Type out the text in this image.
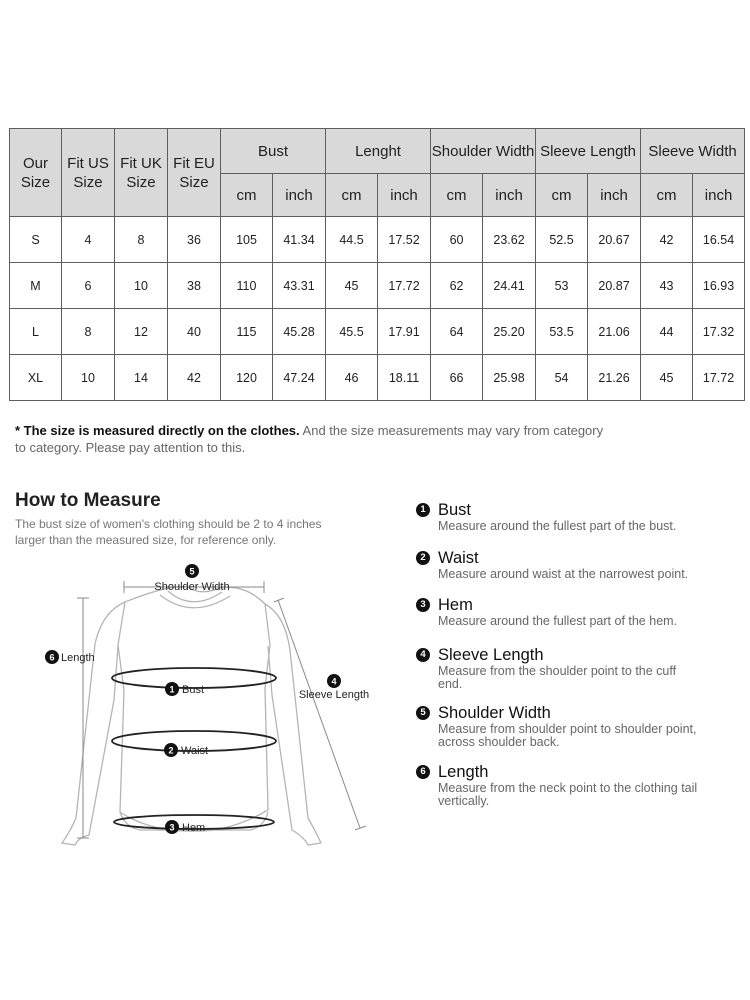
Our Size	Fit US Size	Fit UK Size	Fit EU Size	Bust		Lenght		Shoulder Width		Sleeve Length		Sleeve Width	
				cm	inch	cm	inch	cm	inch	cm	inch	cm	inch
S	4	8	36	105	41.34	44.5	17.52	60	23.62	52.5	20.67	42	16.54
M	6	10	38	110	43.31	45	17.72	62	24.41	53	20.87	43	16.93
L	8	12	40	115	45.28	45.5	17.91	64	25.20	53.5	21.06	44	17.32
XL	10	14	42	120	47.24	46	18.11	66	25.98	54	21.26	45	17.72
* The size is measured directly on the clothes. And the size measurements may vary from category to category. Please pay attention to this.
How to Measure
The bust size of women's clothing should be 2 to 4 inches larger than the measured size, for reference only.
5
Shoulder Width
6 Length
1 Bust
4
Sleeve Length
2 Waist
3 Hem
1 Bust
Measure around the fullest part of the bust.
2 Waist
Measure around waist at the narrowest point.
3 Hem
Measure around the fullest part of the hem.
4 Sleeve Length
Measure from the shoulder point to the cuff end.
5 Shoulder Width
Measure from shoulder point to shoulder point, across shoulder back.
6 Length
Measure from the neck point to the clothing tail vertically.
